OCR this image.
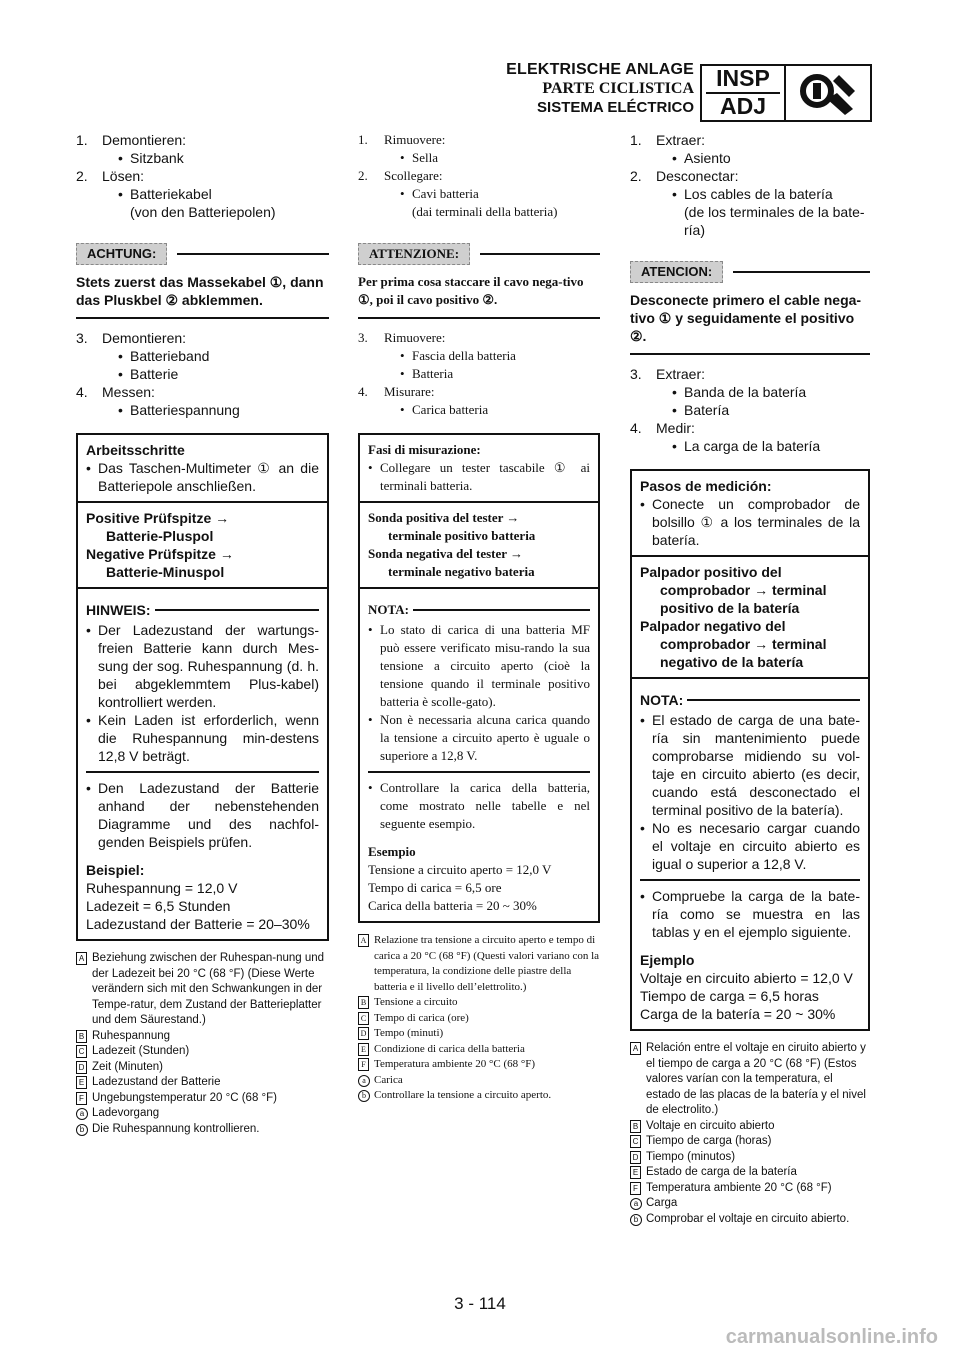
ELEKTRISCHE ANLAGE
PARTE CICLISTICA
SISTEMA ELÉCTRICO
INSP
ADJ
1.	Demontieren:
• Sitzbank
2.	Lösen:
• Batteriekabel
(von den Batteriepolen)
ACHTUNG:
Stets zuerst das Massekabel ①, dann das Pluskbel ② abklemmen.
3.	Demontieren:
• Batterieband
• Batterie
4.	Messen:
• Batteriespannung
Arbeitsschritte
• Das Taschen-Multimeter ① an die Batteriepole anschließen.
Positive Prüfspitze →
Batterie-Pluspol
Negative Prüfspitze →
Batterie-Minuspol
HINWEIS:
• Der Ladezustand der wartungs-freien Batterie kann durch Mes-sung der sog. Ruhespannung (d. h. bei abgeklemmtem Plus-kabel) kontrolliert werden.
• Kein Laden ist erforderlich, wenn die Ruhespannung min-destens 12,8 V beträgt.
• Den Ladezustand der Batterie anhand der nebenstehenden Diagramme und des nachfol-genden Beispiels prüfen.
Beispiel:
Ruhespannung = 12,0 V
Ladezeit = 6,5 Stunden
Ladezustand der Batterie = 20–30%
A Beziehung zwischen der Ruhespan-nung und der Ladezeit bei 20 °C (68 °F) (Diese Werte verändern sich mit den Schwankungen in der Tempe-ratur, dem Zustand der Batterieplatter und dem Säurestand.)
B Ruhespannung
C Ladezeit (Stunden)
D Zeit (Minuten)
E Ladezustand der Batterie
F Ungebungstemperatur 20 °C (68 °F)
a Ladevorgang
b Die Ruhespannung kontrollieren.
1.	Rimuovere:
• Sella
2.	Scollegare:
• Cavi batteria
(dai terminali della batteria)
ATTENZIONE:
Per prima cosa staccare il cavo nega-tivo ①, poi il cavo positivo ②.
3.	Rimuovere:
• Fascia della batteria
• Batteria
4.	Misurare:
• Carica batteria
Fasi di misurazione:
• Collegare un tester tascabile ① ai terminali batteria.
Sonda positiva del tester →
terminale positivo batteria
Sonda negativa del tester →
terminale negativo bateria
NOTA:
• Lo stato di carica di una batteria MF può essere verificato misu-rando la sua tensione a circuito aperto (cioè la tensione quando il terminale positivo batteria è scolle-gato).
• Non è necessaria alcuna carica quando la tensione a circuito aperto è uguale o superiore a 12,8 V.
• Controllare la carica della batteria, come mostrato nelle tabelle e nel seguente esempio.
Esempio
Tensione a circuito aperto = 12,0 V
Tempo di carica = 6,5 ore
Carica della batteria = 20 ~ 30%
A Relazione tra tensione a circuito aperto e tempo di carica a 20 °C (68 °F) (Questi valori variano con la temperatura, la condizione delle piastre della batteria e il livello dell’elettrolito.)
B Tensione a circuito
C Tempo di carica (ore)
D Tempo (minuti)
E Condizione di carica della batteria
F Temperatura ambiente 20 °C (68 °F)
a Carica
b Controllare la tensione a circuito aperto.
1.	Extraer:
• Asiento
2.	Desconectar:
• Los cables de la batería
(de los terminales de la bate-ría)
ATENCION:
Desconecte primero el cable nega-tivo ① y seguidamente el positivo ②.
3.	Extraer:
• Banda de la batería
• Batería
4.	Medir:
• La carga de la batería
Pasos de medición:
• Conecte un comprobador de bolsillo ① a los terminales de la batería.
Palpador positivo del
comprobador → terminal positivo de la batería
Palpador negativo del
comprobador → terminal negativo de la batería
NOTA:
• El estado de carga de una bate-ría sin mantenimiento puede comprobarse midiendo su vol-taje en circuito abierto (es decir, cuando está desconectado el terminal positivo de la batería).
• No es necesario cargar cuando el voltaje en circuito abierto es igual o superior a 12,8 V.
• Compruebe la carga de la bate-ría como se muestra en las tablas y en el ejemplo siguiente.
Ejemplo
Voltaje en circuito abierto = 12,0 V
Tiempo de carga = 6,5 horas
Carga de la batería = 20 ~ 30%
A Relación entre el voltaje en ciruito abierto y el tiempo de carga a 20 °C (68 °F) (Estos valores varían con la temperatura, el estado de las placas de la batería y el nivel de electrolito.)
B Voltaje en circuito abierto
C Tiempo de carga (horas)
D Tiempo (minutos)
E Estado de carga de la batería
F Temperatura ambiente 20 °C (68 °F)
a Carga
b Comprobar el voltaje en circuito abierto.
3 - 114
carmanualsonline.info
